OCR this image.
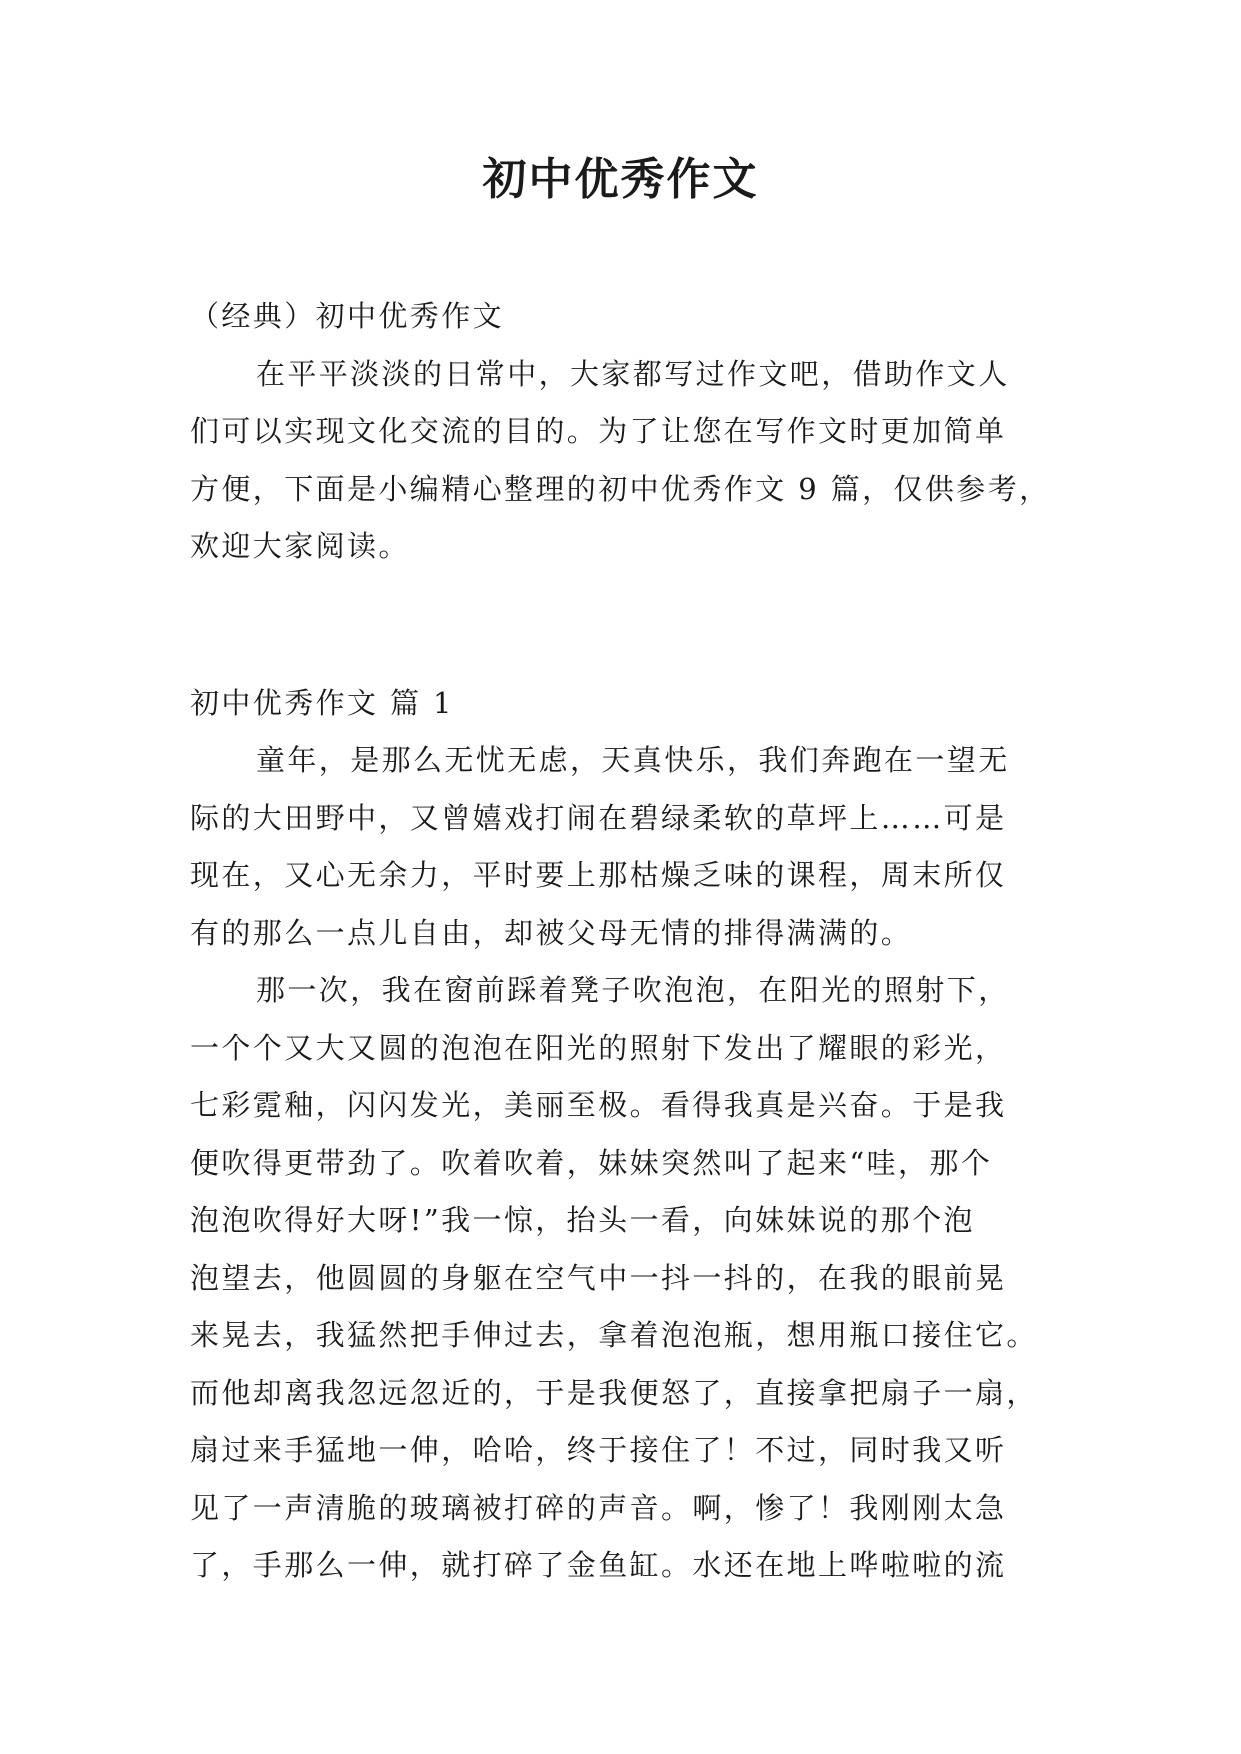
初中优秀作文

（经典）初中优秀作文

在平平淡淡的日常中，大家都写过作文吧，借助作文人

们可以实现文化交流的目的。为了让您在写作文时更加简单

方便，下面是小编精心整理的初中优秀作文 9 篇，仅供参考，

欢迎大家阅读。

初中优秀作文 篇 1

童年，是那么无忧无虑，天真快乐，我们奔跑在一望无

际的大田野中，又曾嬉戏打闹在碧绿柔软的草坪上……可是

现在，又心无余力，平时要上那枯燥乏味的课程，周末所仅

有的那么一点儿自由，却被父母无情的排得满满的。

那一次，我在窗前踩着凳子吹泡泡，在阳光的照射下，

一个个又大又圆的泡泡在阳光的照射下发出了耀眼的彩光，

七彩霓釉，闪闪发光，美丽至极。看得我真是兴奋。于是我

便吹得更带劲了。吹着吹着，妹妹突然叫了起来“哇，那个

泡泡吹得好大呀!”我一惊，抬头一看，向妹妹说的那个泡

泡望去，他圆圆的身躯在空气中一抖一抖的，在我的眼前晃

来晃去，我猛然把手伸过去，拿着泡泡瓶，想用瓶口接住它。

而他却离我忽远忽近的，于是我便怒了，直接拿把扇子一扇，

扇过来手猛地一伸，哈哈，终于接住了！不过，同时我又听

见了一声清脆的玻璃被打碎的声音。啊，惨了！我刚刚太急

了，手那么一伸，就打碎了金鱼缸。水还在地上哗啦啦的流
